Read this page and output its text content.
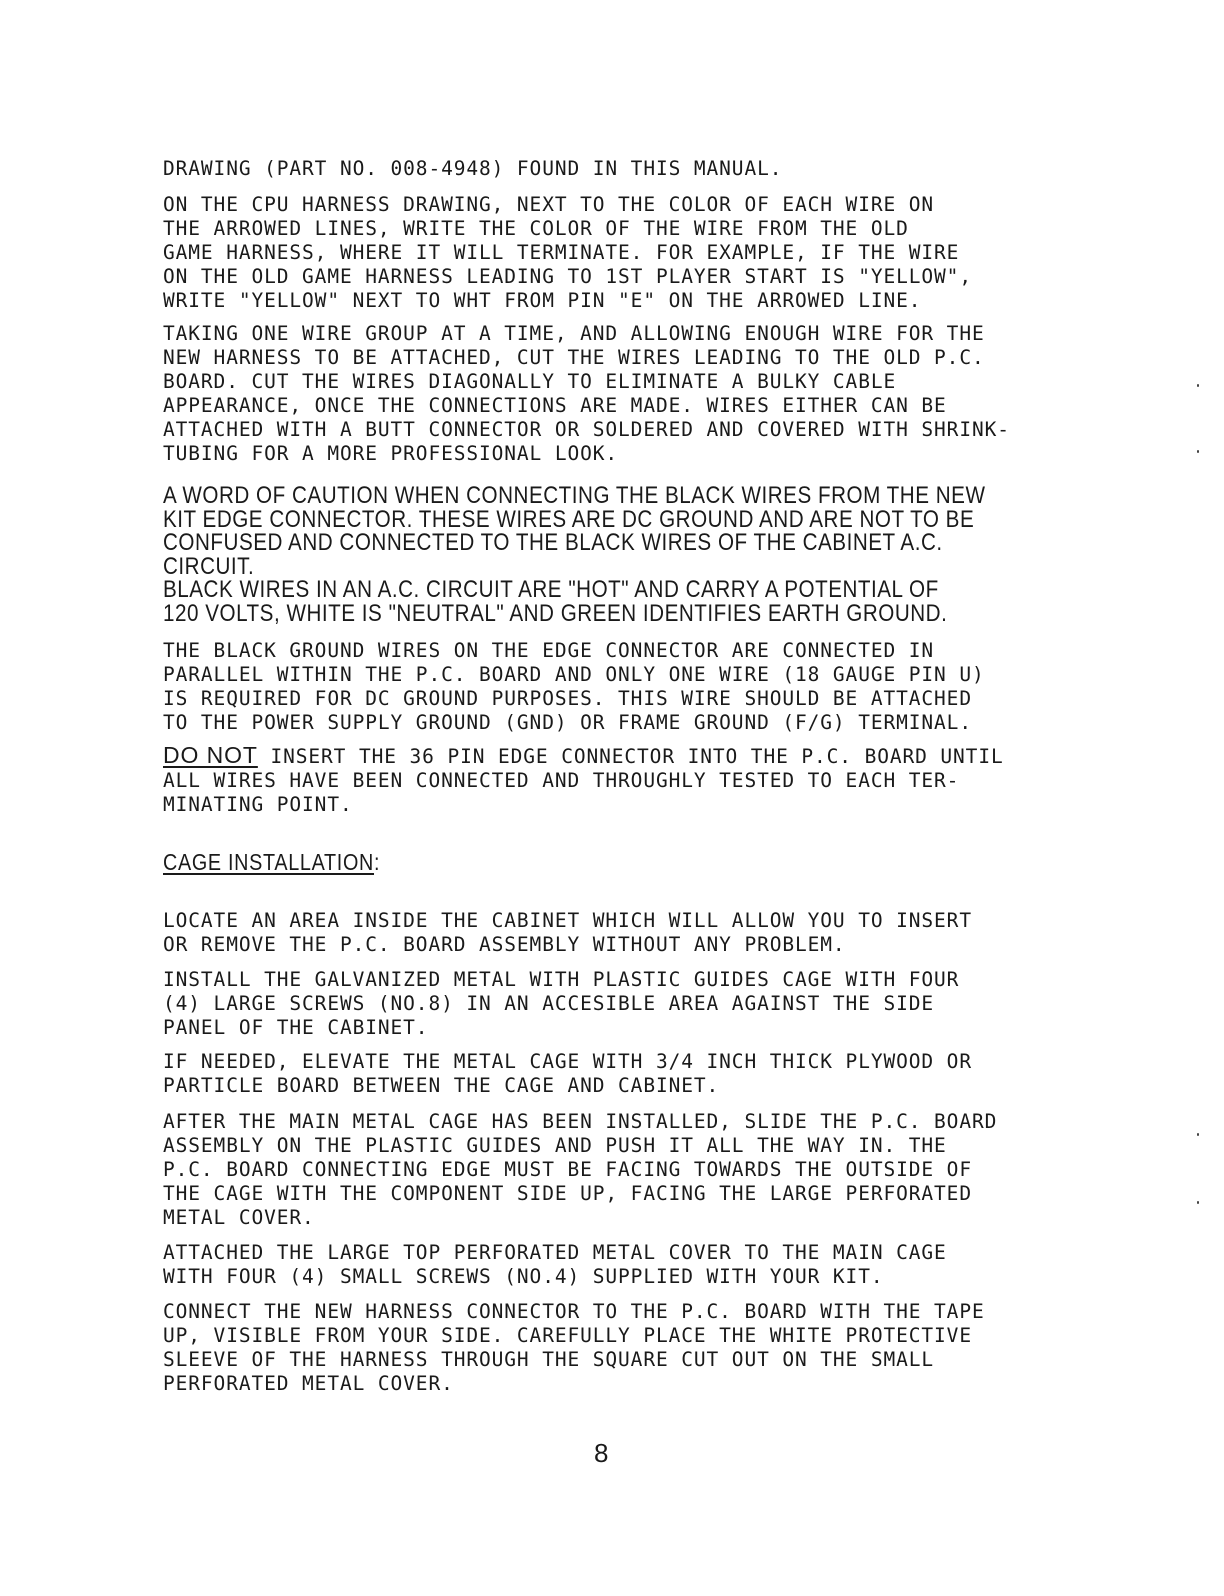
DRAWING (PART NO. 008-4948) FOUND IN THIS MANUAL.

ON THE CPU HARNESS DRAWING, NEXT TO THE COLOR OF EACH WIRE ON
THE ARROWED LINES, WRITE THE COLOR OF THE WIRE FROM THE OLD
GAME HARNESS, WHERE IT WILL TERMINATE. FOR EXAMPLE, IF THE WIRE
ON THE OLD GAME HARNESS LEADING TO 1ST PLAYER START IS "YELLOW",
WRITE "YELLOW" NEXT TO WHT FROM PIN "E" ON THE ARROWED LINE.

TAKING ONE WIRE GROUP AT A TIME, AND ALLOWING ENOUGH WIRE FOR THE
NEW HARNESS TO BE ATTACHED, CUT THE WIRES LEADING TO THE OLD P.C.
BOARD. CUT THE WIRES DIAGONALLY TO ELIMINATE A BULKY CABLE
APPEARANCE, ONCE THE CONNECTIONS ARE MADE. WIRES EITHER CAN BE
ATTACHED WITH A BUTT CONNECTOR OR SOLDERED AND COVERED WITH SHRINK-
TUBING FOR A MORE PROFESSIONAL LOOK.

A WORD OF CAUTION WHEN CONNECTING THE BLACK WIRES FROM THE NEW
KIT EDGE CONNECTOR. THESE WIRES ARE DC GROUND AND ARE NOT TO BE
CONFUSED AND CONNECTED TO THE BLACK WIRES OF THE CABINET A.C.
CIRCUIT.
BLACK WIRES IN AN A.C. CIRCUIT ARE "HOT" AND CARRY A POTENTIAL OF
120 VOLTS, WHITE IS "NEUTRAL" AND GREEN IDENTIFIES EARTH GROUND.

THE BLACK GROUND WIRES ON THE EDGE CONNECTOR ARE CONNECTED IN
PARALLEL WITHIN THE P.C. BOARD AND ONLY ONE WIRE (18 GAUGE PIN U)
IS REQUIRED FOR DC GROUND PURPOSES. THIS WIRE SHOULD BE ATTACHED
TO THE POWER SUPPLY GROUND (GND) OR FRAME GROUND (F/G) TERMINAL.

DO NOT INSERT THE 36 PIN EDGE CONNECTOR INTO THE P.C. BOARD UNTIL
ALL WIRES HAVE BEEN CONNECTED AND THROUGHLY TESTED TO EACH TER-
MINATING POINT.

CAGE INSTALLATION:

LOCATE AN AREA INSIDE THE CABINET WHICH WILL ALLOW YOU TO INSERT
OR REMOVE THE P.C. BOARD ASSEMBLY WITHOUT ANY PROBLEM.

INSTALL THE GALVANIZED METAL WITH PLASTIC GUIDES CAGE WITH FOUR
(4) LARGE SCREWS (NO.8) IN AN ACCESIBLE AREA AGAINST THE SIDE
PANEL OF THE CABINET.

IF NEEDED, ELEVATE THE METAL CAGE WITH 3/4 INCH THICK PLYWOOD OR
PARTICLE BOARD BETWEEN THE CAGE AND CABINET.

AFTER THE MAIN METAL CAGE HAS BEEN INSTALLED, SLIDE THE P.C. BOARD
ASSEMBLY ON THE PLASTIC GUIDES AND PUSH IT ALL THE WAY IN. THE
P.C. BOARD CONNECTING EDGE MUST BE FACING TOWARDS THE OUTSIDE OF
THE CAGE WITH THE COMPONENT SIDE UP, FACING THE LARGE PERFORATED
METAL COVER.

ATTACHED THE LARGE TOP PERFORATED METAL COVER TO THE MAIN CAGE
WITH FOUR (4) SMALL SCREWS (NO.4) SUPPLIED WITH YOUR KIT.

CONNECT THE NEW HARNESS CONNECTOR TO THE P.C. BOARD WITH THE TAPE
UP, VISIBLE FROM YOUR SIDE. CAREFULLY PLACE THE WHITE PROTECTIVE
SLEEVE OF THE HARNESS THROUGH THE SQUARE CUT OUT ON THE SMALL
PERFORATED METAL COVER.

8
